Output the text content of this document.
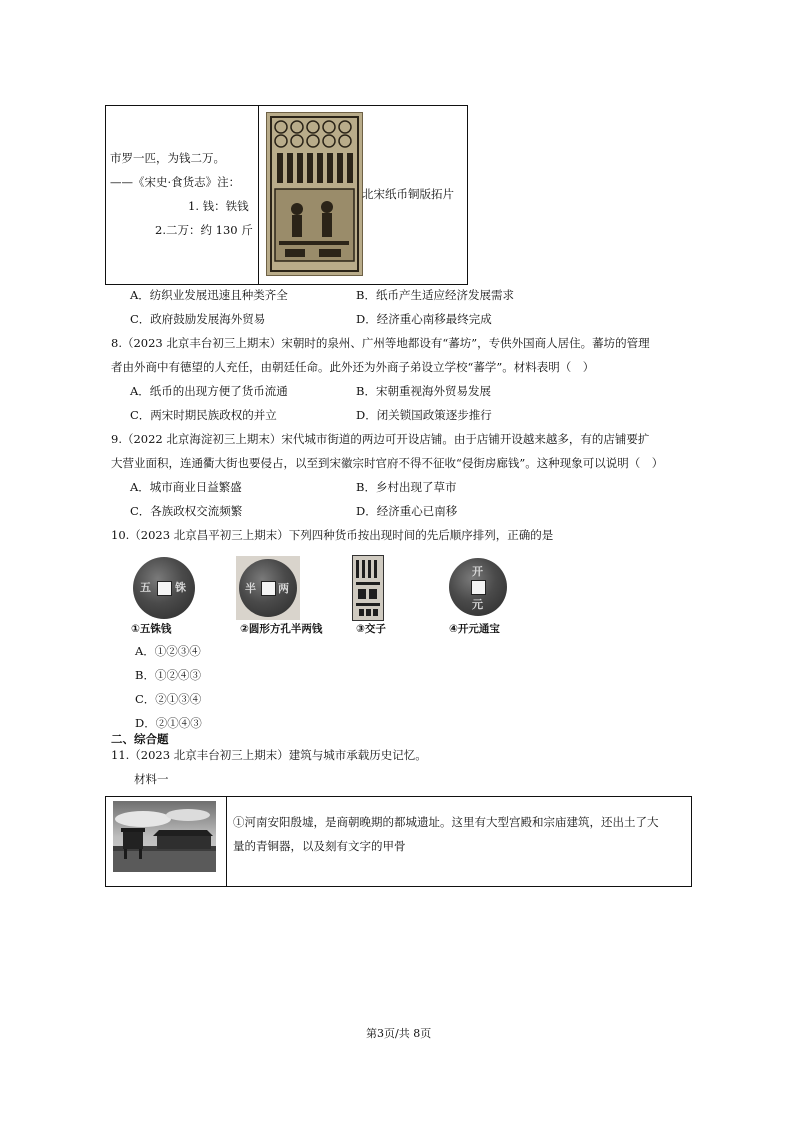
市罗一匹，为钱二万。
——《宋史·食货志》注：
1. 钱：铁钱
2.二万：约 130 斤
北宋纸币铜版拓片
A．纺织业发展迅速且种类齐全	B．纸币产生适应经济发展需求
C．政府鼓励发展海外贸易	D．经济重心南移最终完成
8.（2023 北京丰台初三上期末）宋朝时的泉州、广州等地都设有“蕃坊”，专供外国商人居住。蕃坊的管理
者由外商中有德望的人充任，由朝廷任命。此外还为外商子弟设立学校“蕃学”。材料表明（　）
A．纸币的出现方便了货币流通	B．宋朝重视海外贸易发展
C．两宋时期民族政权的并立	D．闭关锁国政策逐步推行
9.（2022 北京海淀初三上期末）宋代城市街道的两边可开设店铺。由于店铺开设越来越多，有的店铺要扩
大营业面积，连通衢大街也要侵占，以至到宋徽宗时官府不得不征收“侵街房廊钱”。这种现象可以说明（　）
A．城市商业日益繁盛	B．乡村出现了草市
C．各族政权交流频繁	D．经济重心已南移
10.（2023 北京昌平初三上期末）下列四种货币按出现时间的先后顺序排列，正确的是
五 铢
①五铢钱
半 两
②圆形方孔半两钱	③交子
开
元
④开元通宝
A．①②③④
B．①②④③
C．②①③④
D．②①④③
二、综合题
11.（2023 北京丰台初三上期末）建筑与城市承载历史记忆。
材料一
①河南安阳殷墟，是商朝晚期的都城遗址。这里有大型宫殿和宗庙建筑，还出土了大
量的青铜器，以及刻有文字的甲骨
第3页/共 8页
